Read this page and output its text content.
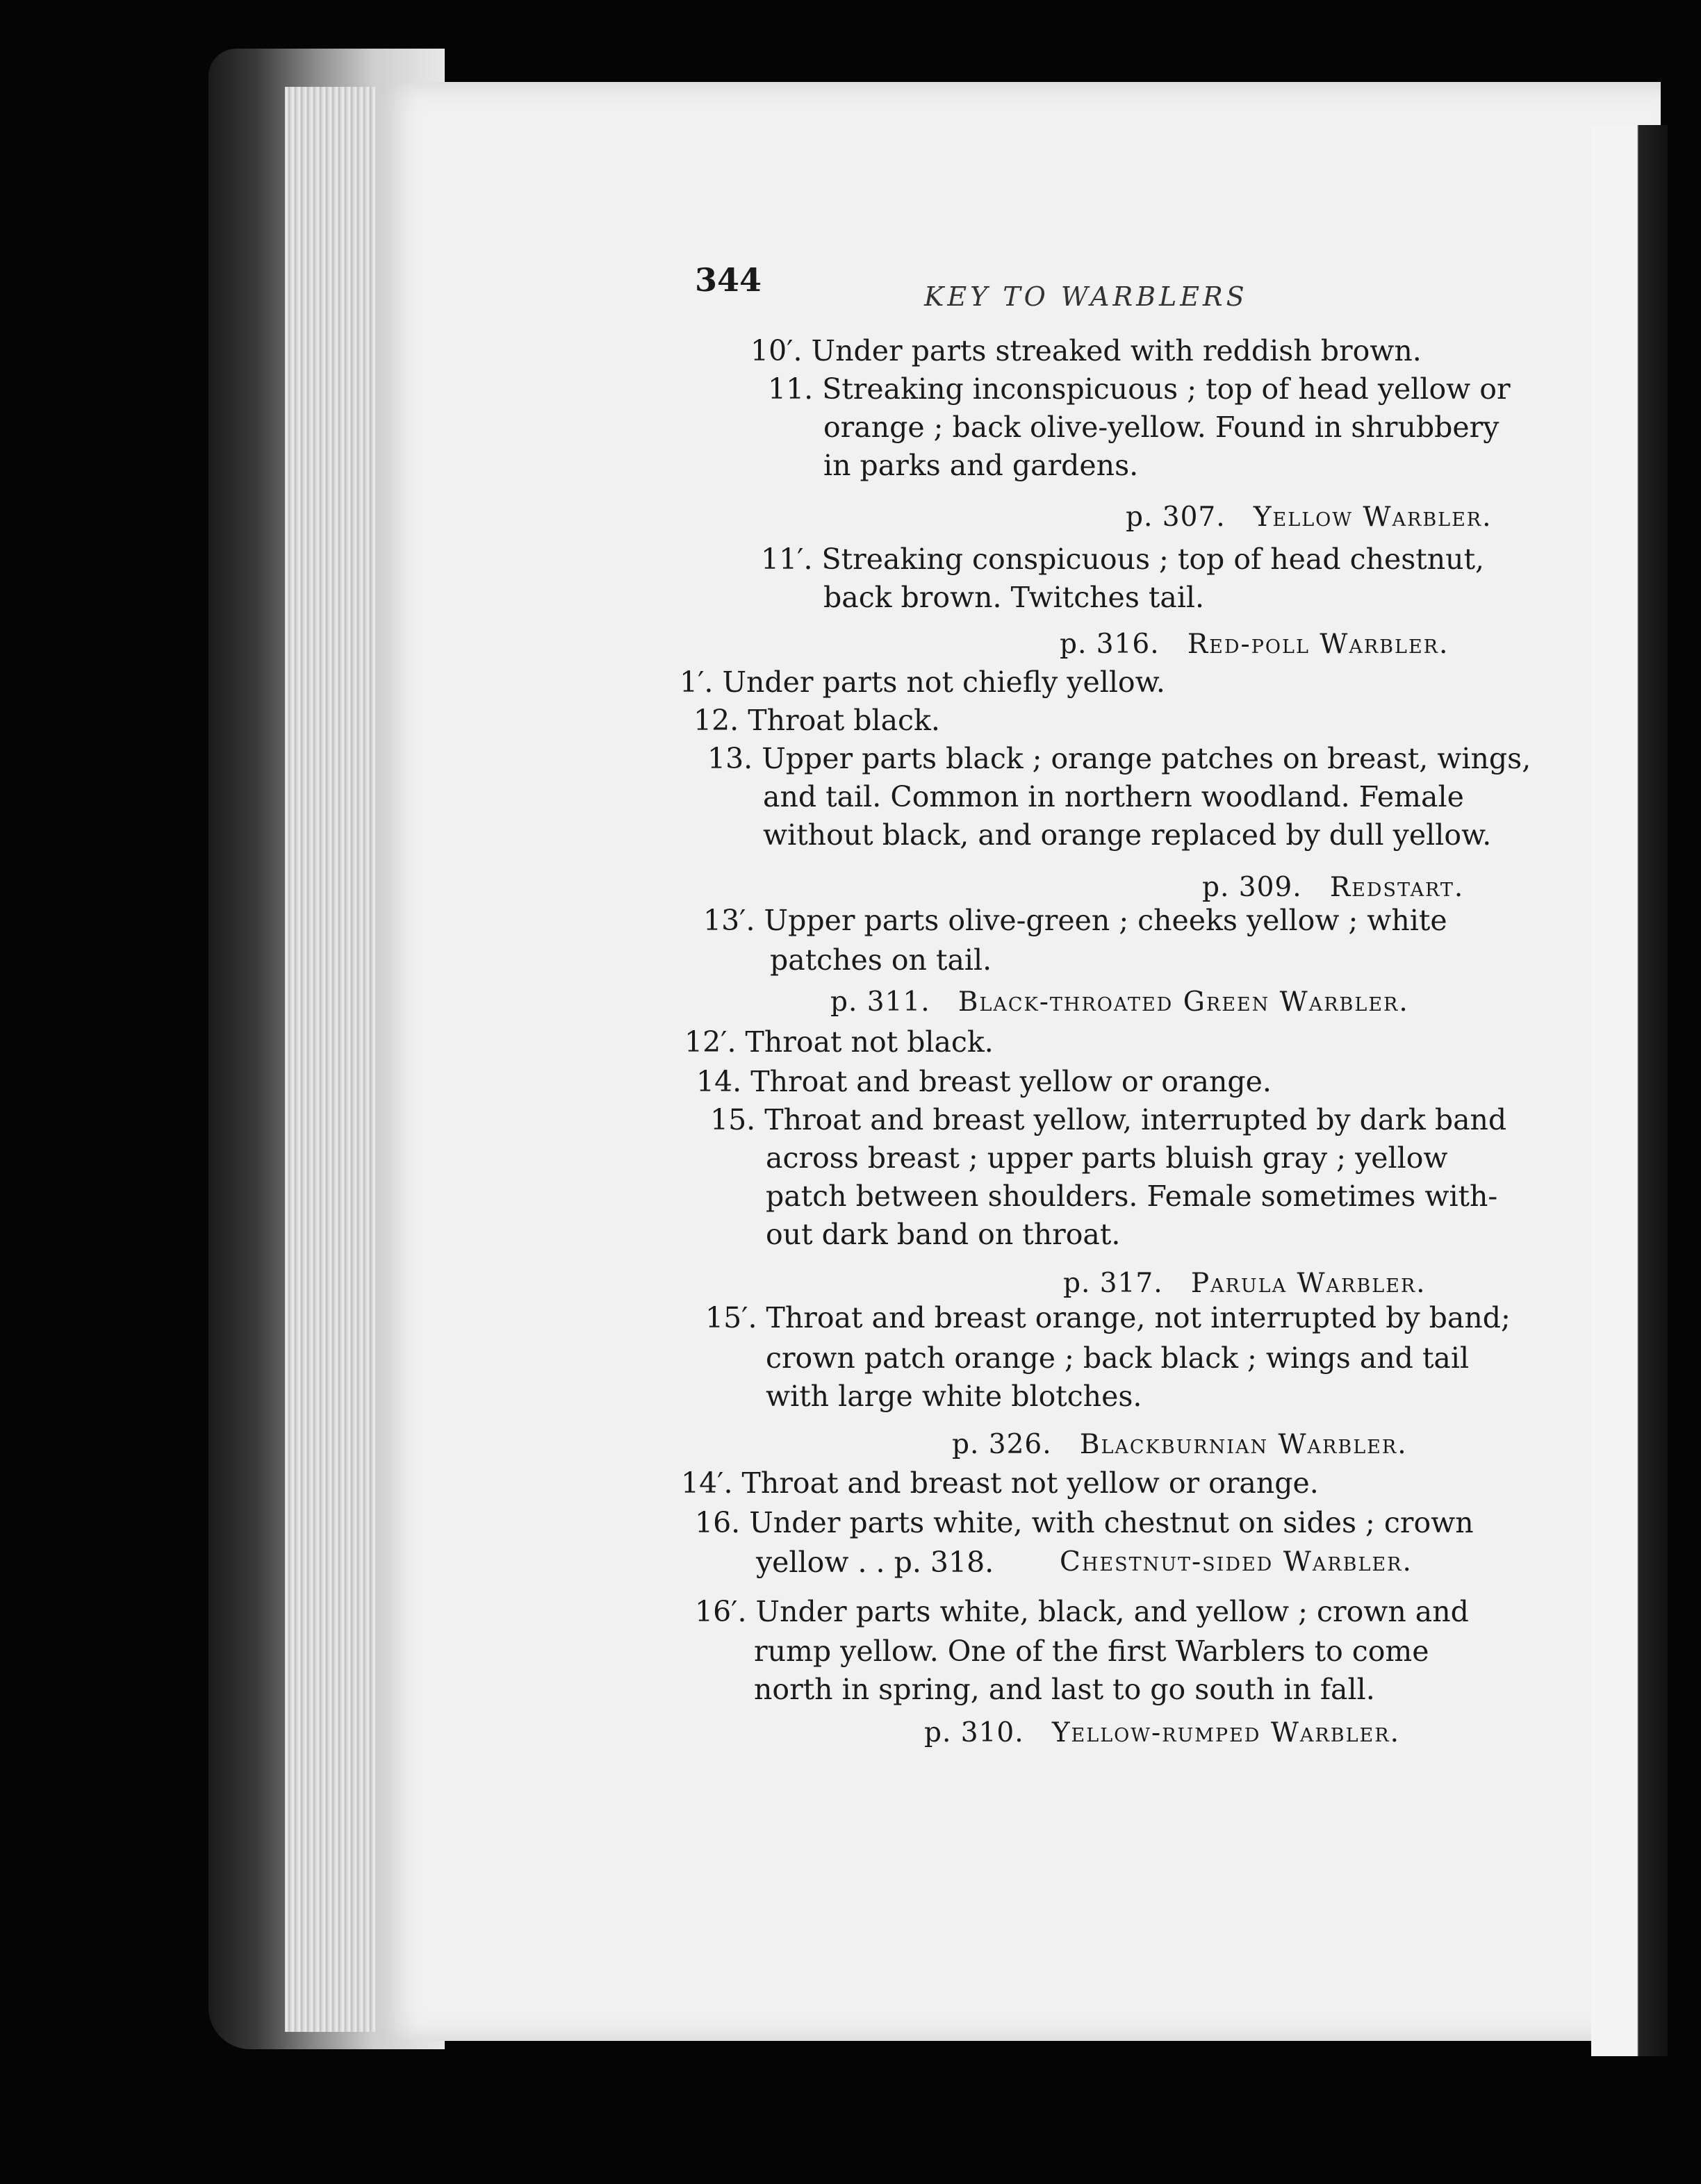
344	KEY TO WARBLERS
10′. Under parts streaked with reddish brown.
11. Streaking inconspicuous ; top of head yellow or
orange ; back olive-yellow. Found in shrubbery
in parks and gardens.
p. 307. Yellow Warbler.
11′. Streaking conspicuous ; top of head chestnut,
back brown. Twitches tail.
p. 316. Red-poll Warbler.
1′. Under parts not chiefly yellow.
12. Throat black.
13. Upper parts black ; orange patches on breast, wings,
and tail. Common in northern woodland. Female
without black, and orange replaced by dull yellow.
p. 309. Redstart.
13′. Upper parts olive-green ; cheeks yellow ; white
patches on tail.
p. 311. Black-throated Green Warbler.
12′. Throat not black.
14. Throat and breast yellow or orange.
15. Throat and breast yellow, interrupted by dark band
across breast ; upper parts bluish gray ; yellow
patch between shoulders. Female sometimes with-
out dark band on throat.
p. 317. Parula Warbler.
15′. Throat and breast orange, not interrupted by band;
crown patch orange ; back black ; wings and tail
with large white blotches.
p. 326. Blackburnian Warbler.
14′. Throat and breast not yellow or orange.
16. Under parts white, with chestnut on sides ; crown
yellow . . p. 318. Chestnut-sided Warbler.
16′. Under parts white, black, and yellow ; crown and
rump yellow. One of the first Warblers to come
north in spring, and last to go south in fall.
p. 310. Yellow-rumped Warbler.
